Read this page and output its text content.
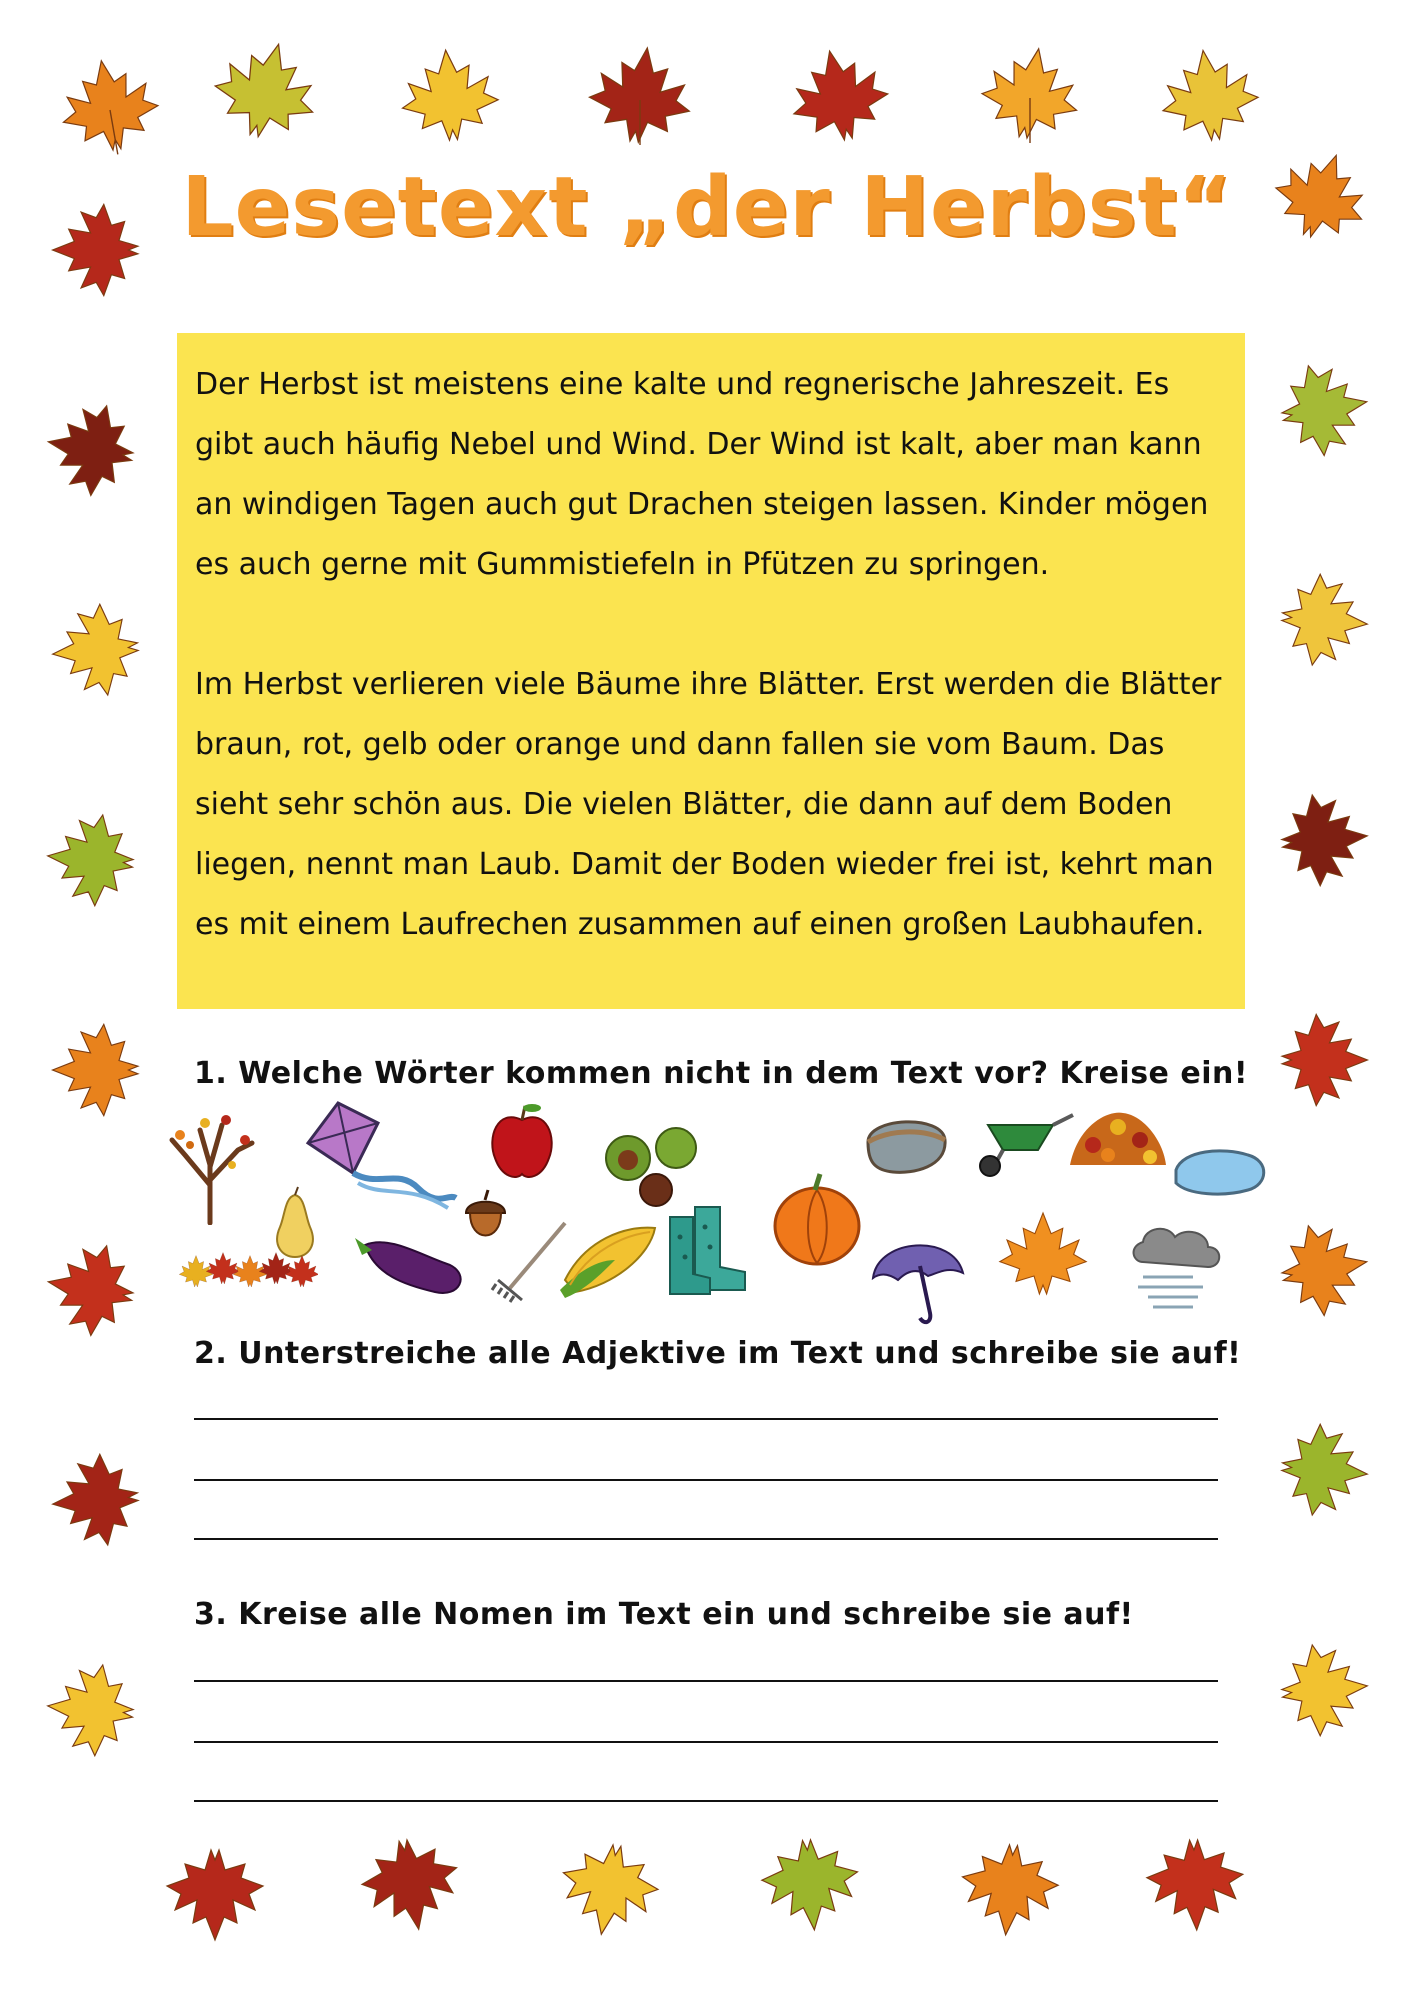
Lesetext „der Herbst“

Der Herbst ist meistens eine kalte und regnerische Jahreszeit. Es gibt auch häufig Nebel und Wind. Der Wind ist kalt, aber man kann an windigen Tagen auch gut Drachen steigen lassen. Kinder mögen es auch gerne mit Gummistiefeln in Pfützen zu springen.

Im Herbst verlieren viele Bäume ihre Blätter. Erst werden die Blätter braun, rot, gelb oder orange und dann fallen sie vom Baum. Das sieht sehr schön aus. Die vielen Blätter, die dann auf dem Boden liegen, nennt man Laub. Damit der Boden wieder frei ist, kehrt man es mit einem Laufrechen zusammen auf einen großen Laubhaufen.

1. Welche Wörter kommen nicht in dem Text vor? Kreise ein!
2. Unterstreiche alle Adjektive im Text und schreibe sie auf!
3. Kreise alle Nomen im Text ein und schreibe sie auf!
